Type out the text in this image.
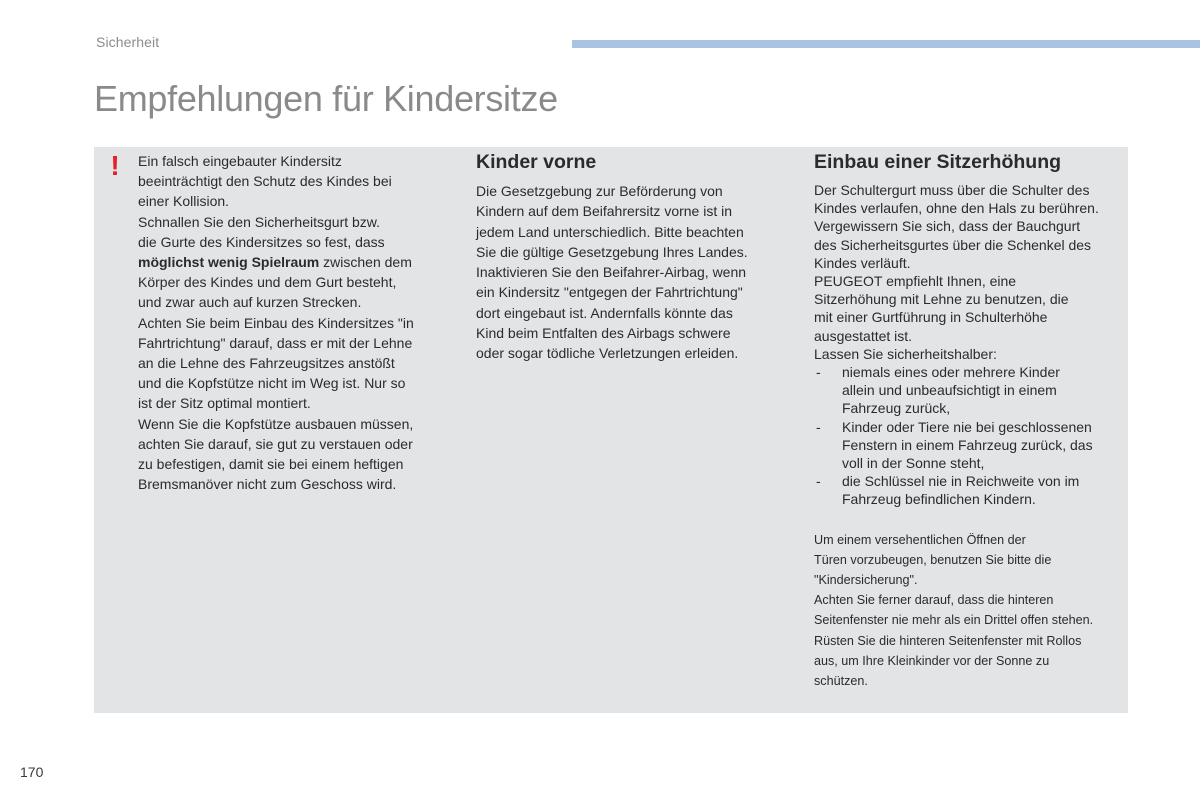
Sicherheit
Empfehlungen für Kindersitze
! Ein falsch eingebauter Kindersitz
beeinträchtigt den Schutz des Kindes bei
einer Kollision.
Schnallen Sie den Sicherheitsgurt bzw.
die Gurte des Kindersitzes so fest, dass
möglichst wenig Spielraum zwischen dem
Körper des Kindes und dem Gurt besteht,
und zwar auch auf kurzen Strecken.
Achten Sie beim Einbau des Kindersitzes "in
Fahrtrichtung" darauf, dass er mit der Lehne
an die Lehne des Fahrzeugsitzes anstößt
und die Kopfstütze nicht im Weg ist. Nur so
ist der Sitz optimal montiert.
Wenn Sie die Kopfstütze ausbauen müssen,
achten Sie darauf, sie gut zu verstauen oder
zu befestigen, damit sie bei einem heftigen
Bremsmanöver nicht zum Geschoss wird.
Kinder vorne
Die Gesetzgebung zur Beförderung von
Kindern auf dem Beifahrersitz vorne ist in
jedem Land unterschiedlich. Bitte beachten
Sie die gültige Gesetzgebung Ihres Landes.
Inaktivieren Sie den Beifahrer-Airbag, wenn
ein Kindersitz "entgegen der Fahrtrichtung"
dort eingebaut ist. Andernfalls könnte das
Kind beim Entfalten des Airbags schwere
oder sogar tödliche Verletzungen erleiden.
Einbau einer Sitzerhöhung
Der Schultergurt muss über die Schulter des
Kindes verlaufen, ohne den Hals zu berühren.
Vergewissern Sie sich, dass der Bauchgurt
des Sicherheitsgurtes über die Schenkel des
Kindes verläuft.
PEUGEOT empfiehlt Ihnen, eine
Sitzerhöhung mit Lehne zu benutzen, die
mit einer Gurtführung in Schulterhöhe
ausgestattet ist.
Lassen Sie sicherheitshalber:
- niemals eines oder mehrere Kinder
allein und unbeaufsichtigt in einem
Fahrzeug zurück,
- Kinder oder Tiere nie bei geschlossenen
Fenstern in einem Fahrzeug zurück, das
voll in der Sonne steht,
- die Schlüssel nie in Reichweite von im
Fahrzeug befindlichen Kindern.
Um einem versehentlichen Öffnen der
Türen vorzubeugen, benutzen Sie bitte die
"Kindersicherung".
Achten Sie ferner darauf, dass die hinteren
Seitenfenster nie mehr als ein Drittel offen stehen.
Rüsten Sie die hinteren Seitenfenster mit Rollos
aus, um Ihre Kleinkinder vor der Sonne zu
schützen.
170
